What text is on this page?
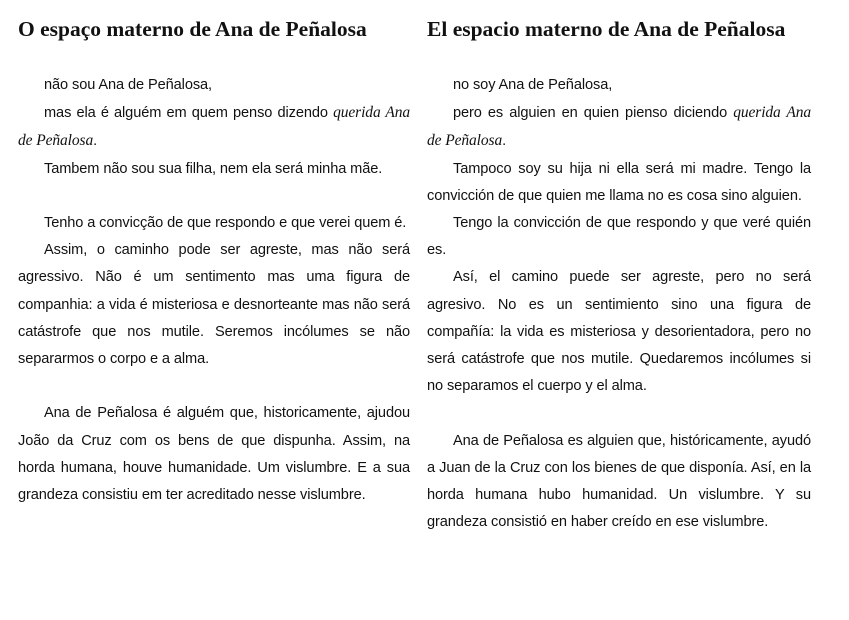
O espaço materno de Ana de Peñalosa

não sou Ana de Peñalosa,

mas ela é alguém em quem penso dizendo querida Ana de Peñalosa.

Tambem não sou sua filha, nem ela será minha mãe.

Tenho a convicção de que respondo e que verei quem é.

Assim, o caminho pode ser agreste, mas não será agressivo. Não é um sentimento mas uma figura de companhia: a vida é misteriosa e desnorteante mas não será catástrofe que nos mutile. Seremos incólumes se não separarmos o corpo e a alma.

Ana de Peñalosa é alguém que, historicamente, ajudou João da Cruz com os bens de que dispunha. Assim, na horda humana, houve humanidade. Um vislumbre. E a sua grandeza consistiu em ter acreditado nesse vislumbre.

El espacio materno de Ana de Peñalosa

no soy Ana de Peñalosa,

pero es alguien en quien pienso diciendo querida Ana de Peñalosa.

Tampoco soy su hija ni ella será mi madre. Tengo la convicción de que quien me llama no es cosa sino alguien.

Tengo la convicción de que respondo y que veré quién es.

Así, el camino puede ser agreste, pero no será agresivo. No es un sentimiento sino una figura de compañía: la vida es misteriosa y desorientadora, pero no será catástrofe que nos mutile. Quedaremos incólumes si no separamos el cuerpo y el alma.

Ana de Peñalosa es alguien que, históricamente, ayudó a Juan de la Cruz con los bienes de que disponía. Así, en la horda humana hubo humanidad. Un vislumbre. Y su grandeza consistió en haber creído en ese vislumbre.
